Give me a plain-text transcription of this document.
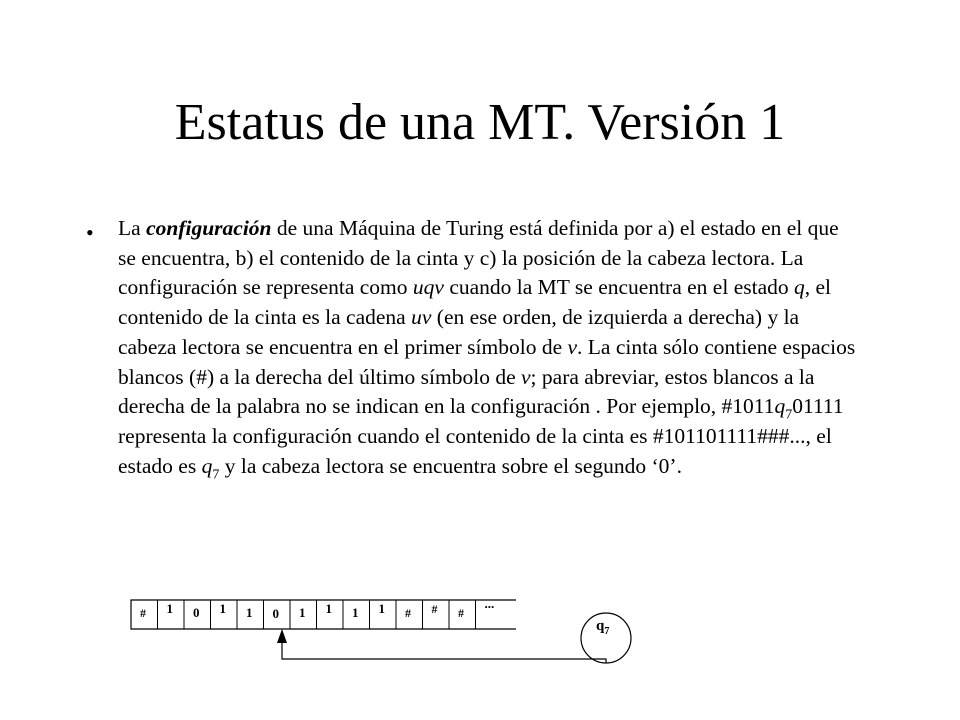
Estatus de una MT. Versión 1
• La configuración de una Máquina de Turing está definida por a) el estado en el que se encuentra, b) el contenido de la cinta y c) la posición de la cabeza lectora. La configuración se representa como uqv cuando la MT se encuentra en el estado q, el contenido de la cinta es la cadena uv (en ese orden, de izquierda a derecha) y la cabeza lectora se encuentra en el primer símbolo de v. La cinta sólo contiene espacios blancos (#) a la derecha del último símbolo de v; para abreviar, estos blancos a la derecha de la palabra no se indican en la configuración . Por ejemplo, $\#1011q_701111$ representa la configuración cuando el contenido de la cinta es #101101111###..., el estado es $q_7$ y la cabeza lectora se encuentra sobre el segundo ‘0’.

# 1 0 1 1 0 1 1 1 1 # # #
...
$q_7$
